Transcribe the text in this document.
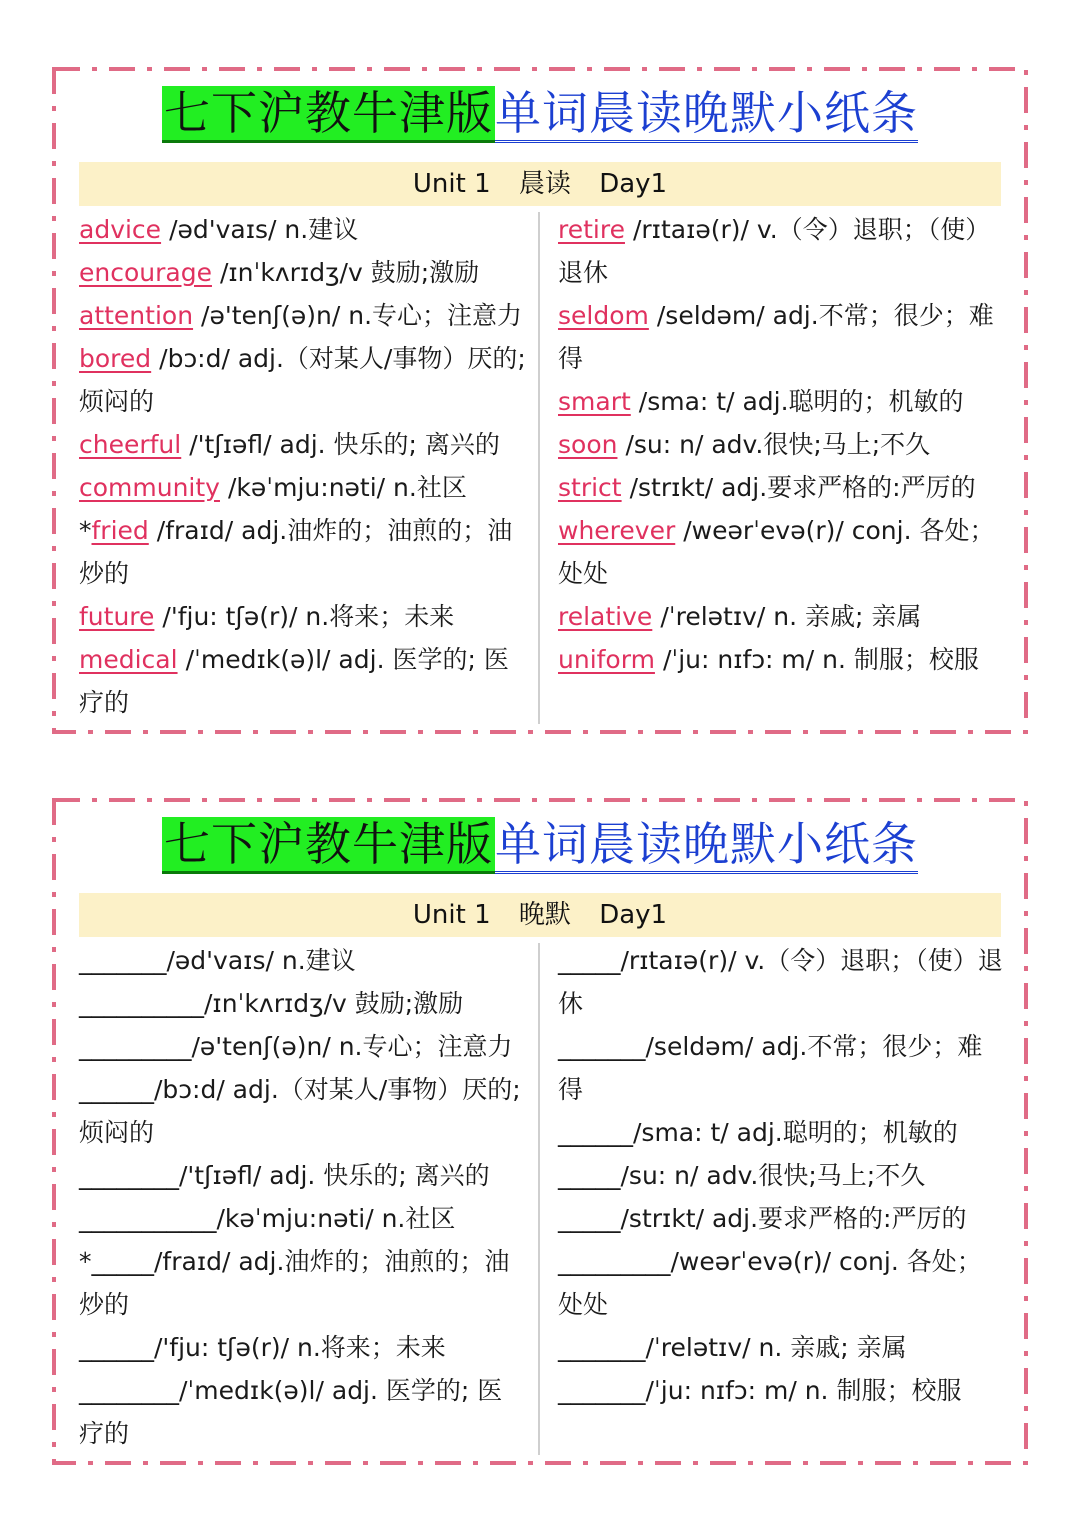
七下沪教牛津版单词晨读晚默小纸条
Unit 1 晨读 Day1

advice /əd'vaɪs/ n.建议

encourage /ɪnˈkʌrɪdʒ/v 鼓励;激励

attention /ə'tenʃ(ə)n/ n.专心；注意力

bored /bɔ:d/ adj.（对某人/事物）厌的;烦闷的

cheerful /'tʃɪəfl/ adj. 快乐的; 离兴的

community /kəˈmju:nəti/ n.社区

*fried /fraɪd/ adj.油炸的；油煎的；油炒的

future /'fju: tʃə(r)/ n.将来；未来

medical /ˈmedɪk(ə)l/ adj. 医学的; 医疗的

retire /rɪtaɪə(r)/ v.（令）退职；（使）退休

seldom /seldəm/ adj.不常；很少；难得

smart /sma: t/ adj.聪明的；机敏的

soon /su: n/ adv.很快;马上;不久

strict /strɪkt/ adj.要求严格的:严厉的

wherever /weərˈevə(r)/ conj. 各处；处处

relative /ˈrelətɪv/ n. 亲戚; 亲属

uniform /ˈju: nɪfɔ: m/ n. 制服；校服

七下沪教牛津版单词晨读晚默小纸条
Unit 1 晚默 Day1

_______/əd'vaɪs/ n.建议

__________/ɪnˈkʌrɪdʒ/v 鼓励;激励

_________/ə'tenʃ(ə)n/ n.专心；注意力

______/bɔ:d/ adj.（对某人/事物）厌的;烦闷的

________/'tʃɪəfl/ adj. 快乐的; 离兴的

___________/kəˈmju:nəti/ n.社区

*_____/fraɪd/ adj.油炸的；油煎的；油炒的

______/'fju: tʃə(r)/ n.将来；未来

________/ˈmedɪk(ə)l/ adj. 医学的; 医疗的

_____/rɪtaɪə(r)/ v.（令）退职；（使）退休

_______/seldəm/ adj.不常；很少；难得

______/sma: t/ adj.聪明的；机敏的

_____/su: n/ adv.很快;马上;不久

_____/strɪkt/ adj.要求严格的:严厉的

_________/weərˈevə(r)/ conj. 各处；处处

_______/ˈrelətɪv/ n. 亲戚; 亲属

_______/ˈju: nɪfɔ: m/ n. 制服；校服
